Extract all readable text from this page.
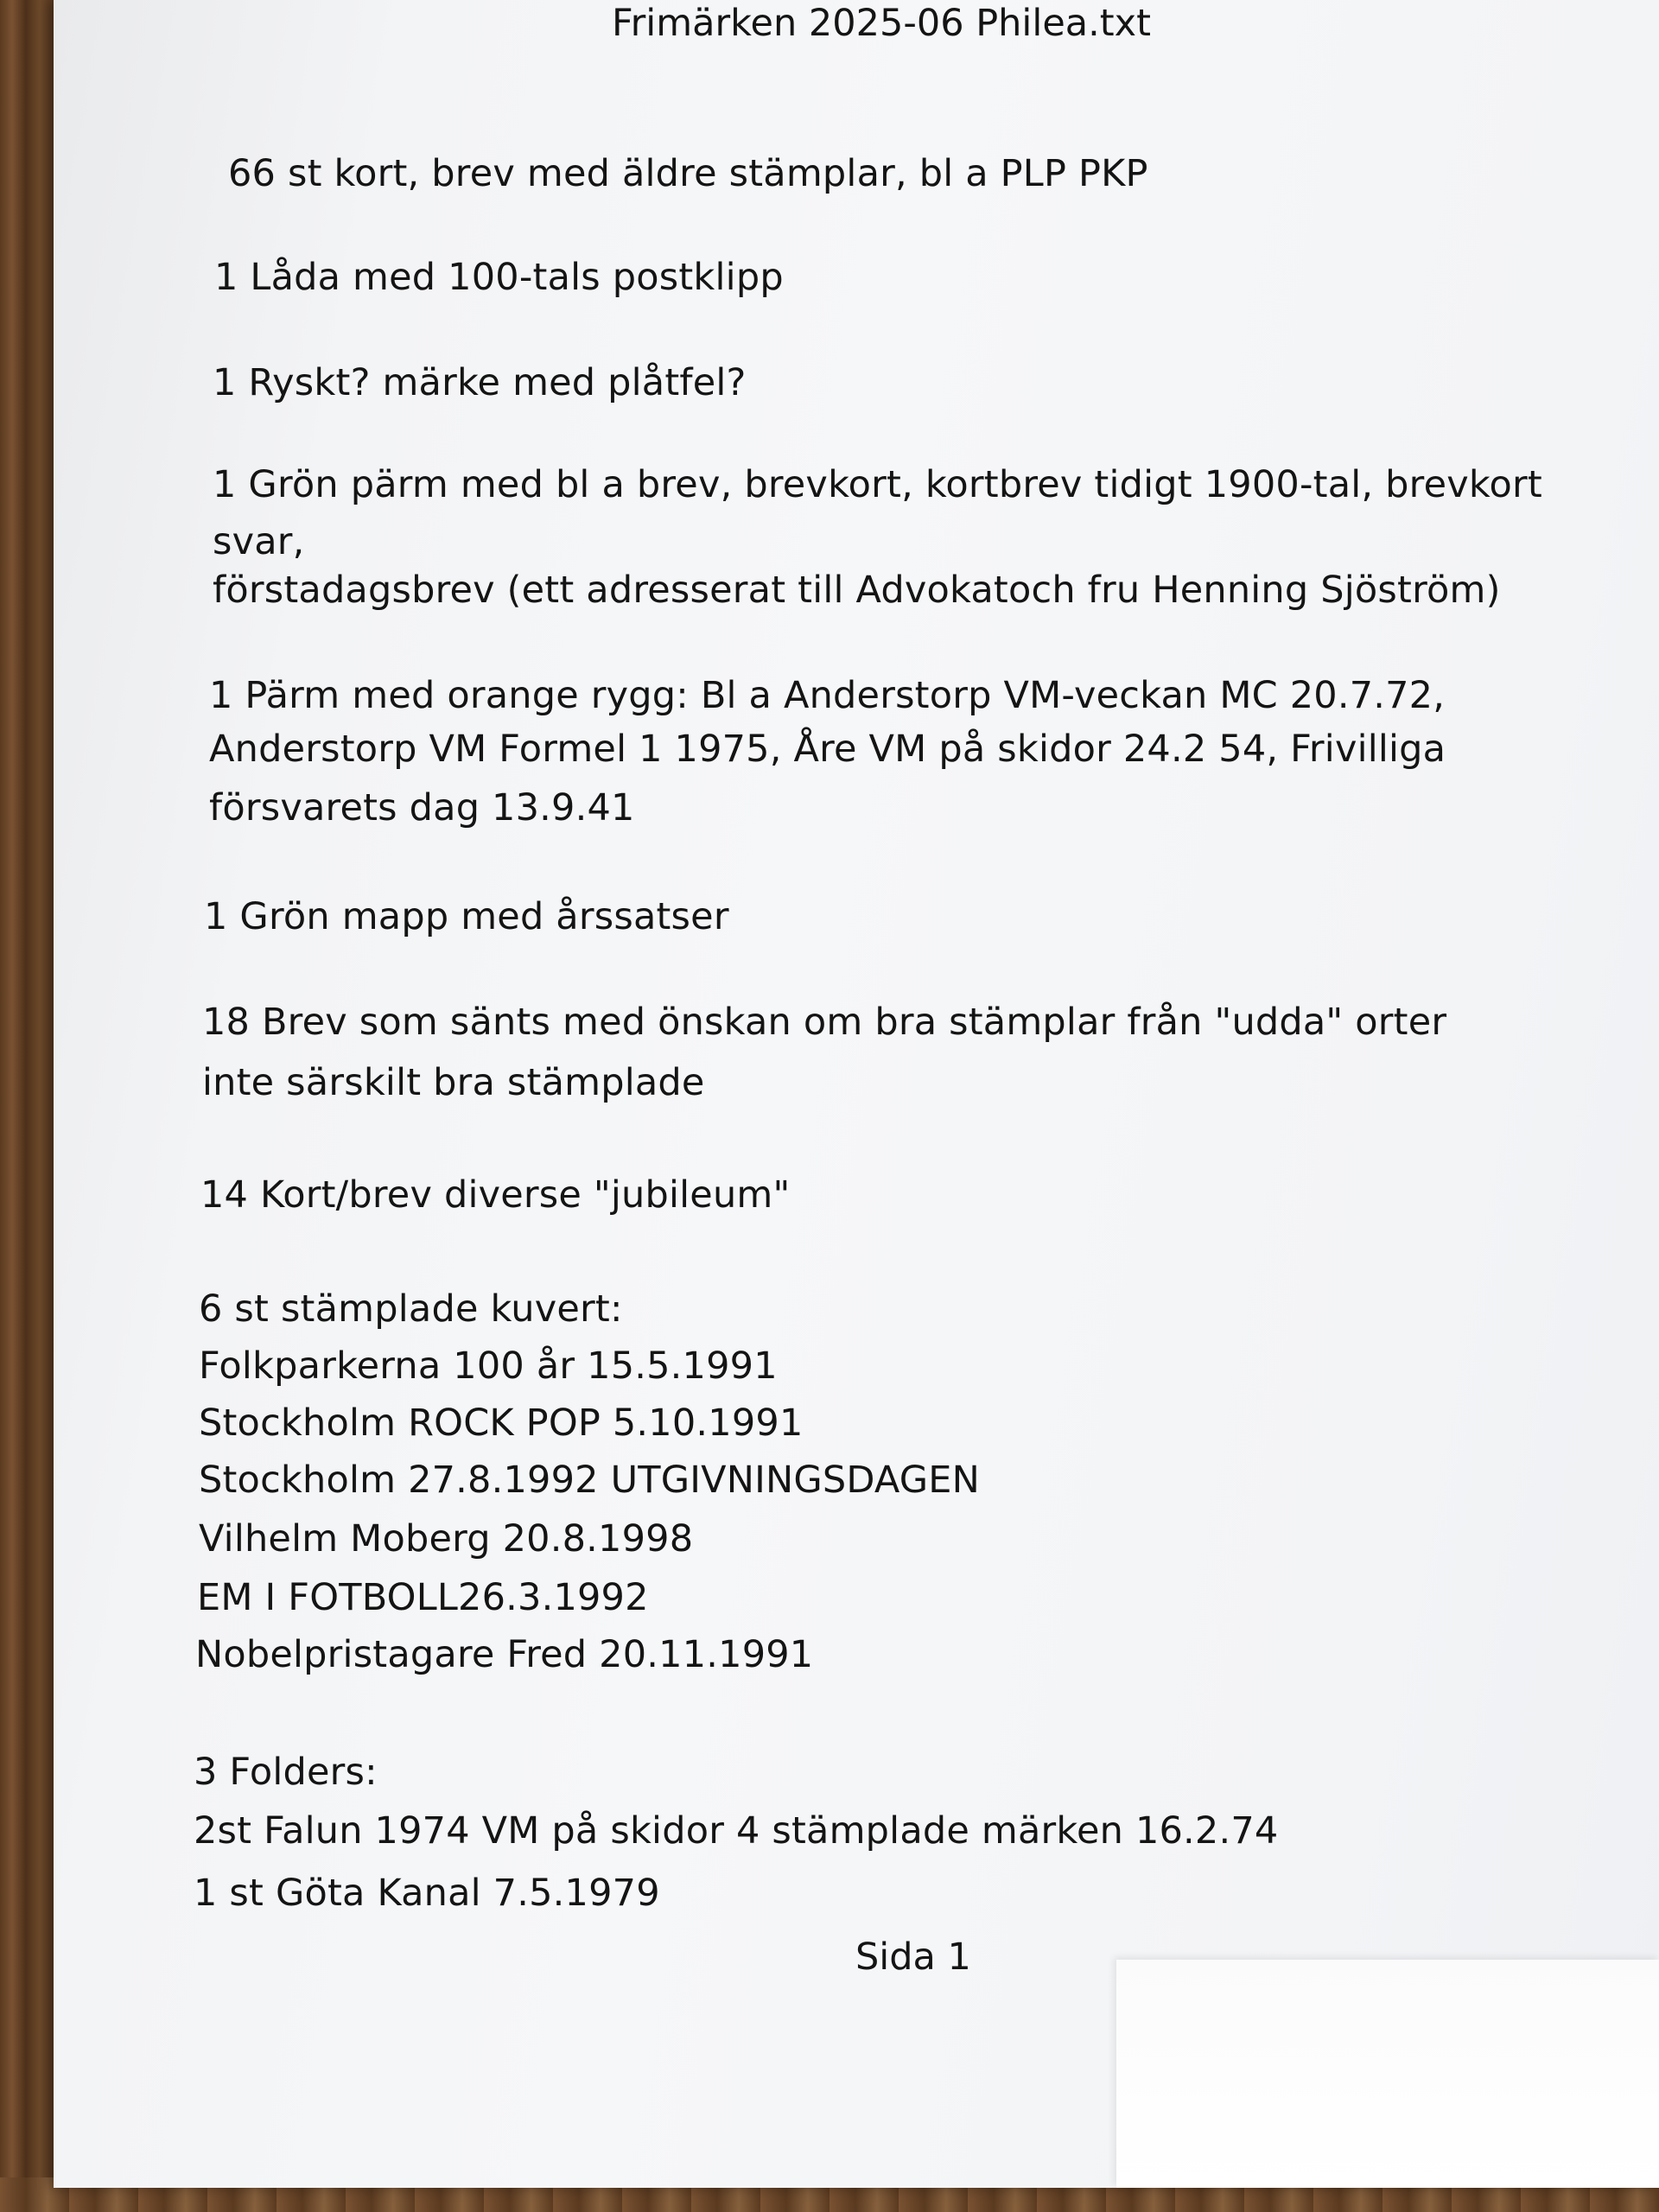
Frimärken 2025-06 Philea.txt
66 st kort, brev med äldre stämplar, bl a PLP PKP
1 Låda med 100-tals postklipp
1 Ryskt? märke med plåtfel?
1 Grön pärm med bl a brev, brevkort, kortbrev tidigt 1900-tal, brevkort
svar,
förstadagsbrev (ett adresserat till Advokatoch fru Henning Sjöström)
1 Pärm med orange rygg: Bl a Anderstorp VM-veckan MC 20.7.72,
Anderstorp VM Formel 1 1975, Åre VM på skidor 24.2 54, Frivilliga
försvarets dag 13.9.41
1 Grön mapp med årssatser
18 Brev som sänts med önskan om bra stämplar från "udda" orter
inte särskilt bra stämplade
14 Kort/brev diverse "jubileum"
6 st stämplade kuvert:
Folkparkerna 100 år 15.5.1991
Stockholm ROCK POP 5.10.1991
Stockholm 27.8.1992 UTGIVNINGSDAGEN
Vilhelm Moberg 20.8.1998
EM I FOTBOLL26.3.1992
Nobelpristagare Fred 20.11.1991
3 Folders:
2st Falun 1974 VM på skidor 4 stämplade märken 16.2.74
1 st Göta Kanal 7.5.1979
Sida 1
